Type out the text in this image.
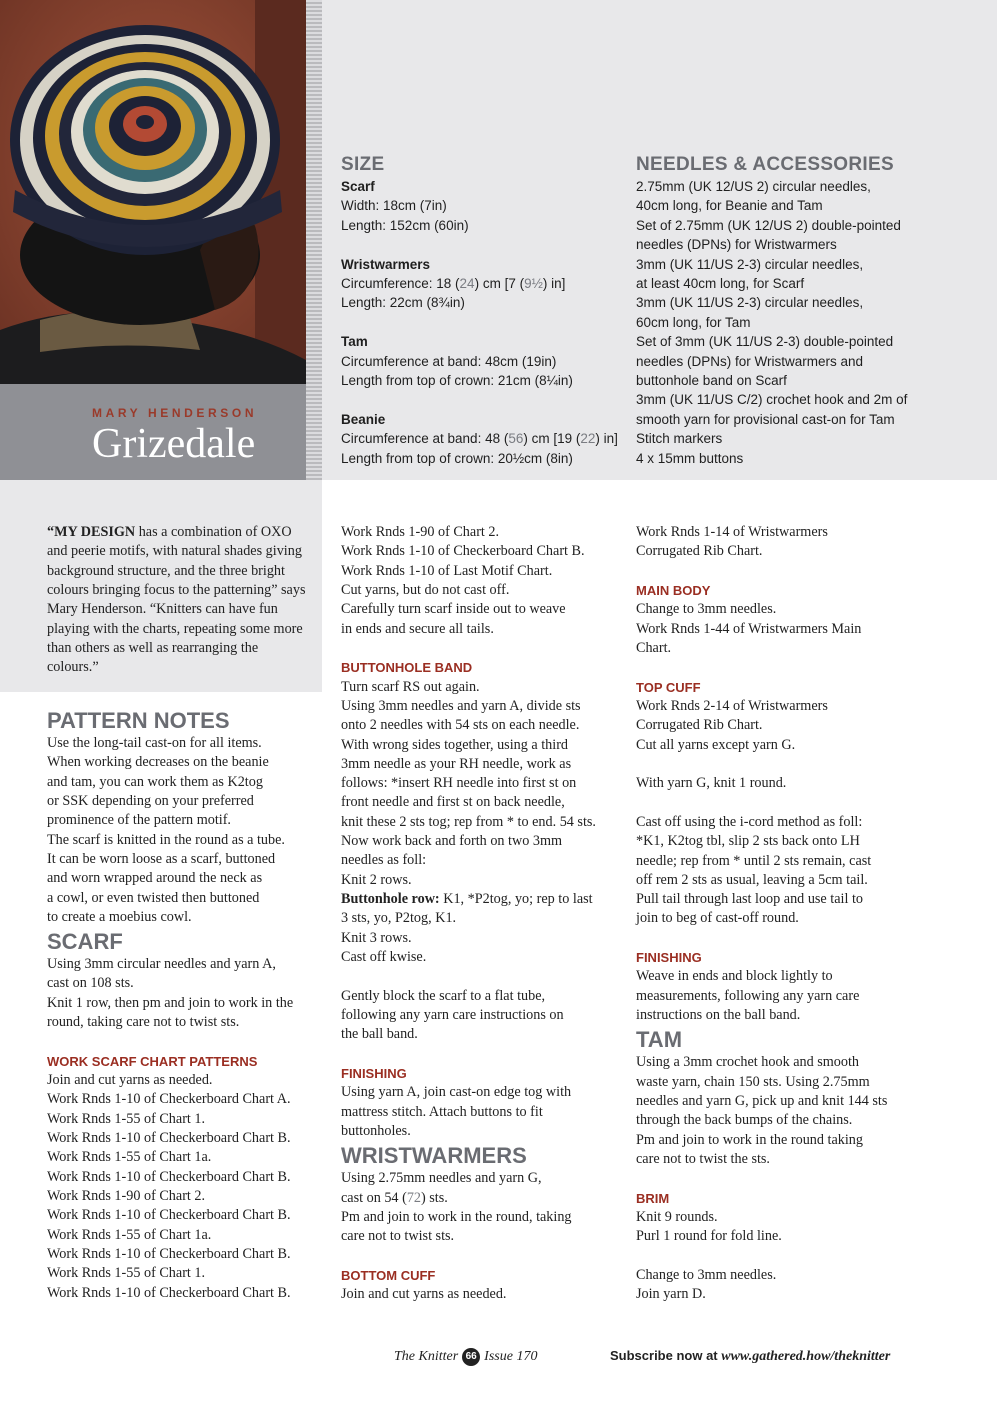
MARY HENDERSON
Grizedale
SIZE
Scarf
Width: 18cm (7in)
Length: 152cm (60in)
Wristwarmers
Circumference: 18 (24) cm [7 (9½) in]
Length: 22cm (8¾in)
Tam
Circumference at band: 48cm (19in)
Length from top of crown: 21cm (8¼in)
Beanie
Circumference at band: 48 (56) cm [19 (22) in]
Length from top of crown: 20½cm (8in)
NEEDLES & ACCESSORIES
2.75mm (UK 12/US 2) circular needles,
40cm long, for Beanie and Tam
Set of 2.75mm (UK 12/US 2) double-pointed
needles (DPNs) for Wristwarmers
3mm (UK 11/US 2-3) circular needles,
at least 40cm long, for Scarf
3mm (UK 11/US 2-3) circular needles,
60cm long, for Tam
Set of 3mm (UK 11/US 2-3) double-pointed
needles (DPNs) for Wristwarmers and
buttonhole band on Scarf
3mm (UK 11/US C/2) crochet hook and 2m of
smooth yarn for provisional cast-on for Tam
Stitch markers
4 x 15mm buttons
“MY DESIGN has a combination of OXO and peerie motifs, with natural shades giving background structure, and the three bright colours bringing focus to the patterning” says Mary Henderson. “Knitters can have fun playing with the charts, repeating some more than others as well as rearranging the colours.”
PATTERN NOTES
Use the long-tail cast-on for all items.
When working decreases on the beanie
and tam, you can work them as K2tog
or SSK depending on your preferred
prominence of the pattern motif.
The scarf is knitted in the round as a tube.
It can be worn loose as a scarf, buttoned
and worn wrapped around the neck as
a cowl, or even twisted then buttoned
to create a moebius cowl.
SCARF
Using 3mm circular needles and yarn A,
cast on 108 sts.
Knit 1 row, then pm and join to work in the
round, taking care not to twist sts.
WORK SCARF CHART PATTERNS
Join and cut yarns as needed.
Work Rnds 1-10 of Checkerboard Chart A.
Work Rnds 1-55 of Chart 1.
Work Rnds 1-10 of Checkerboard Chart B.
Work Rnds 1-55 of Chart 1a.
Work Rnds 1-10 of Checkerboard Chart B.
Work Rnds 1-90 of Chart 2.
Work Rnds 1-10 of Checkerboard Chart B.
Work Rnds 1-55 of Chart 1a.
Work Rnds 1-10 of Checkerboard Chart B.
Work Rnds 1-55 of Chart 1.
Work Rnds 1-10 of Checkerboard Chart B.
Work Rnds 1-90 of Chart 2.
Work Rnds 1-10 of Checkerboard Chart B.
Work Rnds 1-10 of Last Motif Chart.
Cut yarns, but do not cast off.
Carefully turn scarf inside out to weave
in ends and secure all tails.
BUTTONHOLE BAND
Turn scarf RS out again.
Using 3mm needles and yarn A, divide sts
onto 2 needles with 54 sts on each needle.
With wrong sides together, using a third
3mm needle as your RH needle, work as
follows: *insert RH needle into first st on
front needle and first st on back needle,
knit these 2 sts tog; rep from * to end. 54 sts.
Now work back and forth on two 3mm
needles as foll:
Knit 2 rows.
Buttonhole row: K1, *P2tog, yo; rep to last
3 sts, yo, P2tog, K1.
Knit 3 rows.
Cast off kwise.
Gently block the scarf to a flat tube,
following any yarn care instructions on
the ball band.
FINISHING
Using yarn A, join cast-on edge tog with
mattress stitch. Attach buttons to fit
buttonholes.
WRISTWARMERS
Using 2.75mm needles and yarn G,
cast on 54 (72) sts.
Pm and join to work in the round, taking
care not to twist sts.
BOTTOM CUFF
Join and cut yarns as needed.
Work Rnds 1-14 of Wristwarmers
Corrugated Rib Chart.
MAIN BODY
Change to 3mm needles.
Work Rnds 1-44 of Wristwarmers Main
Chart.
TOP CUFF
Work Rnds 2-14 of Wristwarmers
Corrugated Rib Chart.
Cut all yarns except yarn G.
With yarn G, knit 1 round.
Cast off using the i-cord method as foll:
*K1, K2tog tbl, slip 2 sts back onto LH
needle; rep from * until 2 sts remain, cast
off rem 2 sts as usual, leaving a 5cm tail.
Pull tail through last loop and use tail to
join to beg of cast-off round.
FINISHING
Weave in ends and block lightly to
measurements, following any yarn care
instructions on the ball band.
TAM
Using a 3mm crochet hook and smooth
waste yarn, chain 150 sts. Using 2.75mm
needles and yarn G, pick up and knit 144 sts
through the back bumps of the chains.
Pm and join to work in the round taking
care not to twist the sts.
BRIM
Knit 9 rounds.
Purl 1 round for fold line.
Change to 3mm needles.
Join yarn D.
The Knitter 66 Issue 170	Subscribe now at www.gathered.how/theknitter
